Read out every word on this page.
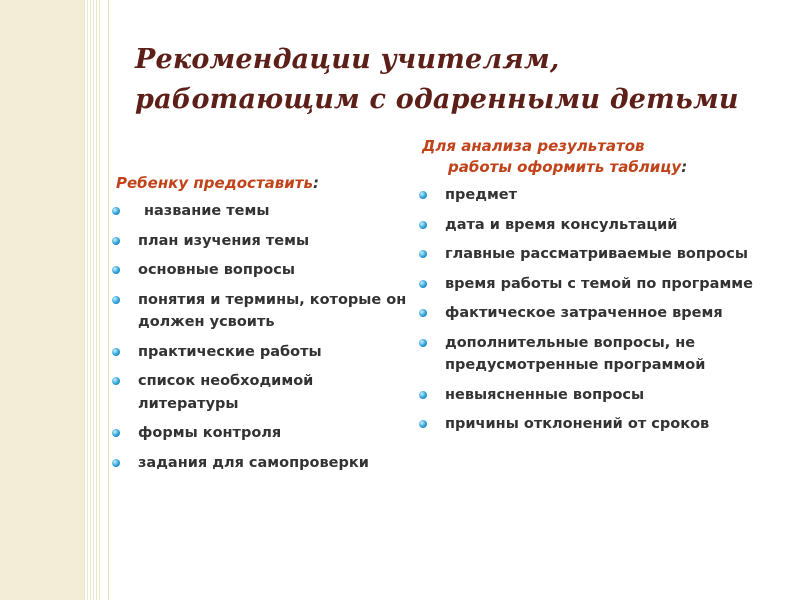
Рекомендации учителям, работающим с одаренными детьми
Ребенку предоставить:
название темы
план изучения темы
основные вопросы
понятия и термины, которые он должен усвоить
практические работы
список необходимой литературы
формы контроля
задания для самопроверки
Для анализа результатов
работы оформить таблицу:
предмет
дата и время консультаций
главные рассматриваемые вопросы
время работы с темой по программе
фактическое затраченное время
дополнительные вопросы, не предусмотренные программой
невыясненные вопросы
причины отклонений от сроков
